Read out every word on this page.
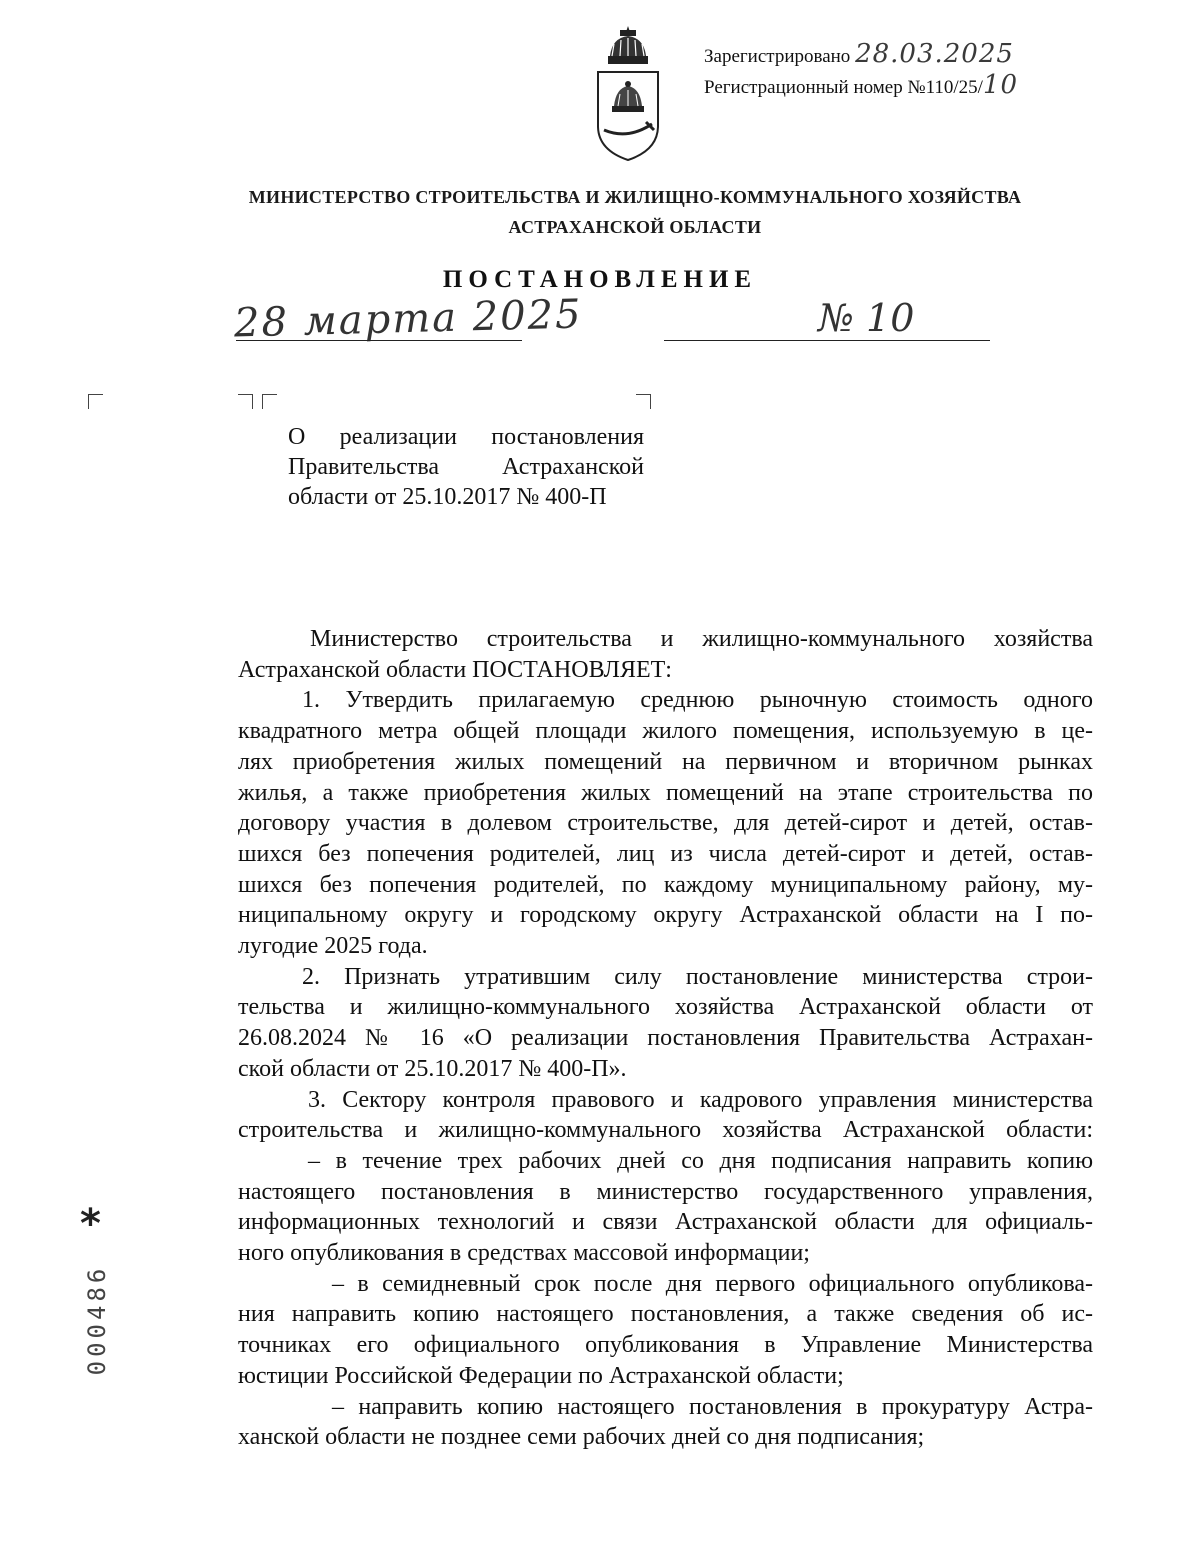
Зарегистрировано 28.03.2025
Регистрационный номер №110/25/10
МИНИСТЕРСТВО СТРОИТЕЛЬСТВА И ЖИЛИЩНО-КОММУНАЛЬНОГО ХОЗЯЙСТВА
АСТРАХАНСКОЙ ОБЛАСТИ
ПОСТАНОВЛЕНИЕ
28 марта 2025	№ 10
О реализации постановления
Правительства Астраханской
области от 25.10.2017 № 400-П
Министерство строительства и жилищно-коммунального хозяйства
Астраханской области ПОСТАНОВЛЯЕТ:
1. Утвердить прилагаемую среднюю рыночную стоимость одного
квадратного метра общей площади жилого помещения, используемую в це-
лях приобретения жилых помещений на первичном и вторичном рынках
жилья, а также приобретения жилых помещений на этапе строительства по
договору участия в долевом строительстве, для детей-сирот и детей, остав-
шихся без попечения родителей, лиц из числа детей-сирот и детей, остав-
шихся без попечения родителей, по каждому муниципальному району, му-
ниципальному округу и городскому округу Астраханской области на I по-
лугодие 2025 года.
2. Признать утратившим силу постановление министерства строи-
тельства и жилищно-коммунального хозяйства Астраханской области от
26.08.2024 № 16 «О реализации постановления Правительства Астрахан-
ской области от 25.10.2017 № 400-П».
3. Сектору контроля правового и кадрового управления министерства
строительства и жилищно-коммунального хозяйства Астраханской области:
– в течение трех рабочих дней со дня подписания направить копию
настоящего постановления в министерство государственного управления,
информационных технологий и связи Астраханской области для официаль-
ного опубликования в средствах массовой информации;
– в семидневный срок после дня первого официального опубликова-
ния направить копию настоящего постановления, а также сведения об ис-
точниках его официального опубликования в Управление Министерства
юстиции Российской Федерации по Астраханской области;
– направить копию настоящего постановления в прокуратуру Астра-
ханской области не позднее семи рабочих дней со дня подписания;
*
000486
